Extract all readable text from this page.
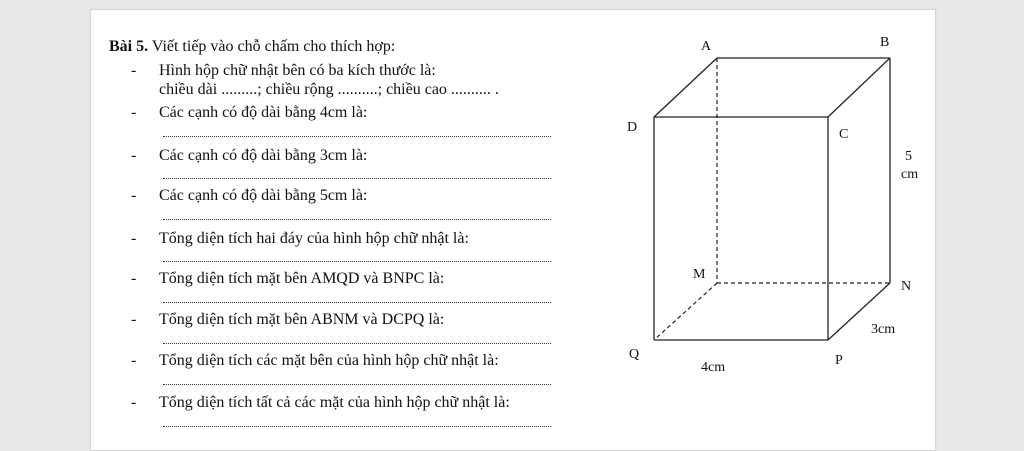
Bài 5. Viết tiếp vào chỗ chấm cho thích hợp:
- Hình hộp chữ nhật bên có ba kích thước là:
chiều dài .........; chiều rộng ..........; chiều cao .......... .
- Các cạnh có độ dài bằng 4cm là:
- Các cạnh có độ dài bằng 3cm là:
- Các cạnh có độ dài bằng 5cm là:
- Tổng diện tích hai đáy của hình hộp chữ nhật là:
- Tổng diện tích mặt bên AMQD và BNPC là:
- Tổng diện tích mặt bên ABNM và DCPQ là:
- Tổng diện tích các mặt bên của hình hộp chữ nhật là:
- Tổng diện tích tất cả các mặt của hình hộp chữ nhật là:
A	B
C
D
M
N
P
Q
5
cm
3cm
4cm
